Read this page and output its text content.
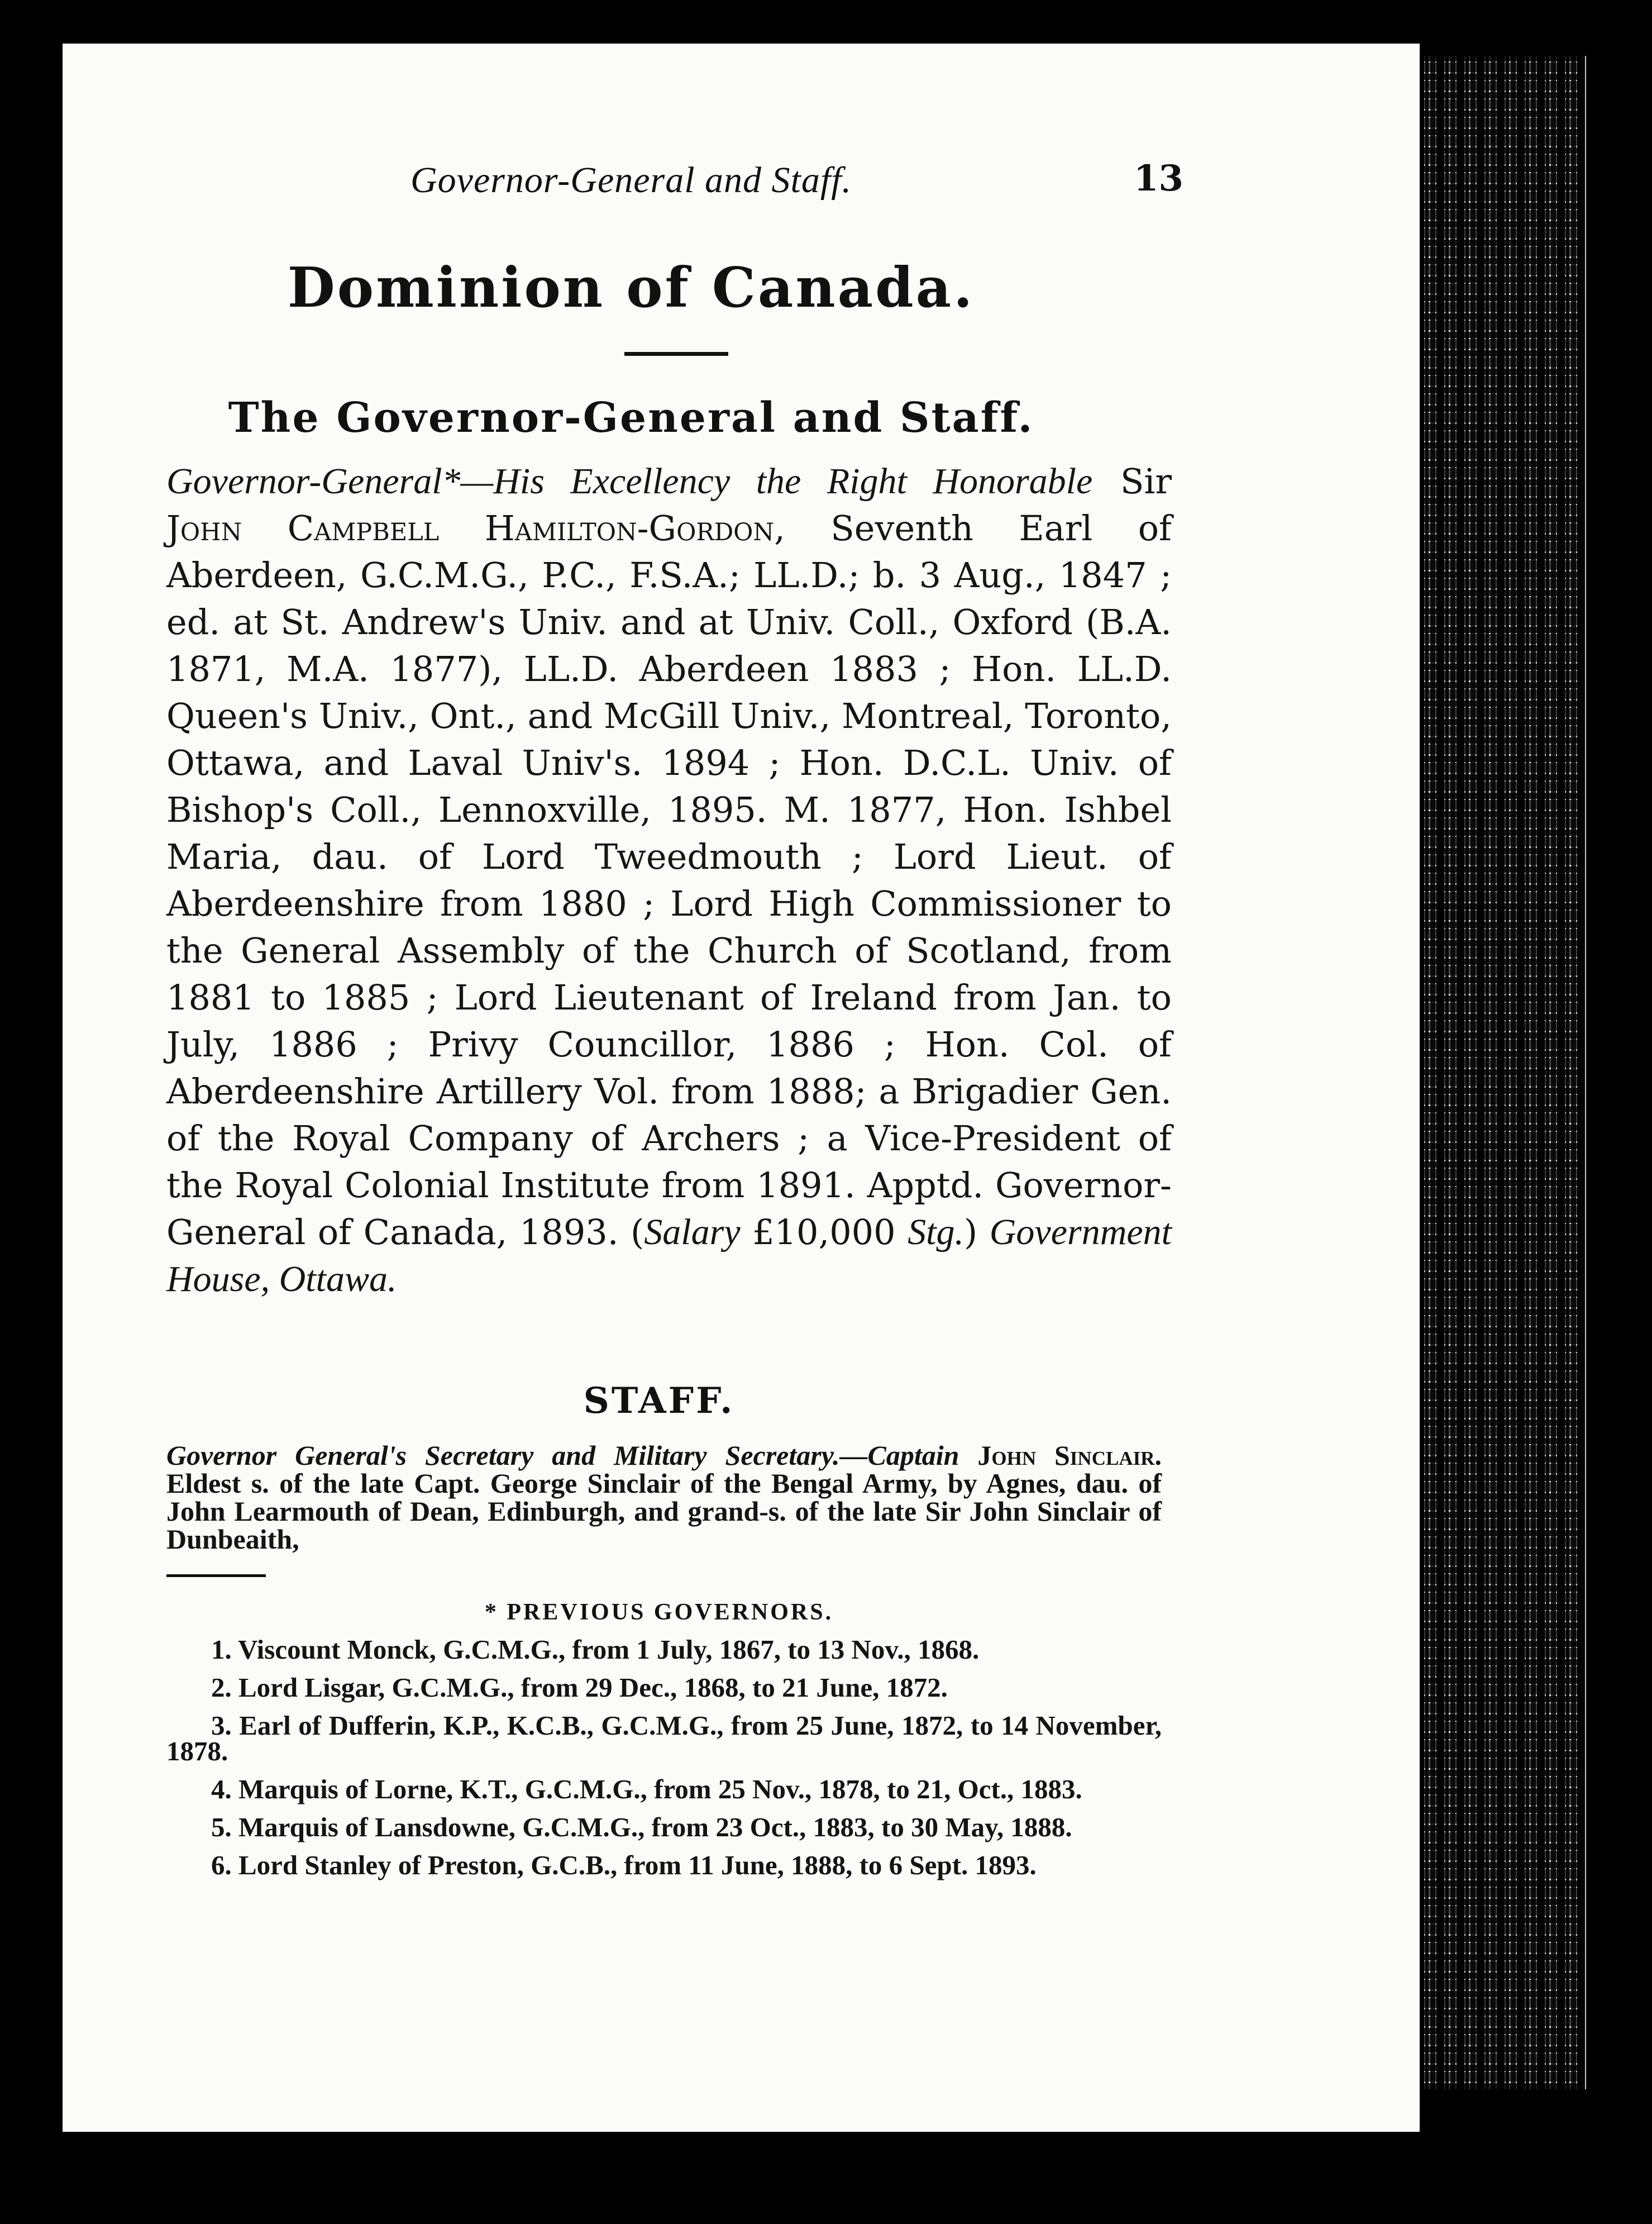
Governor-General and Staff.	13

Dominion of Canada.
The Governor-General and Staff.

Governor-General*—His Excellency the Right Honorable Sir John Campbell Hamilton-Gordon, Seventh Earl of Aberdeen, G.C.M.G., P.C., F.S.A.; LL.D.; b. 3 Aug., 1847 ; ed. at St. Andrew's Univ. and at Univ. Coll., Oxford (B.A. 1871, M.A. 1877), LL.D. Aberdeen 1883 ; Hon. LL.D. Queen's Univ., Ont., and McGill Univ., Montreal, Toronto, Ottawa, and Laval Univ's. 1894 ; Hon. D.C.L. Univ. of Bishop's Coll., Lennoxville, 1895. M. 1877, Hon. Ishbel Maria, dau. of Lord Tweedmouth ; Lord Lieut. of Aberdeenshire from 1880 ; Lord High Commissioner to the General Assembly of the Church of Scotland, from 1881 to 1885 ; Lord Lieutenant of Ireland from Jan. to July, 1886 ; Privy Councillor, 1886 ; Hon. Col. of Aberdeenshire Artillery Vol. from 1888; a Brigadier Gen. of the Royal Company of Archers ; a Vice-President of the Royal Colonial Institute from 1891. Apptd. Governor-General of Canada, 1893. (Salary £10,000 Stg.) Government House, Ottawa.

STAFF.

Governor General's Secretary and Military Secretary.—Captain John Sinclair. Eldest s. of the late Capt. George Sinclair of the Bengal Army, by Agnes, dau. of John Learmouth of Dean, Edinburgh, and grand-s. of the late Sir John Sinclair of Dunbeaith,

* PREVIOUS GOVERNORS.

1. Viscount Monck, G.C.M.G., from 1 July, 1867, to 13 Nov., 1868.
2. Lord Lisgar, G.C.M.G., from 29 Dec., 1868, to 21 June, 1872.
3. Earl of Dufferin, K.P., K.C.B., G.C.M.G., from 25 June, 1872, to 14 November, 1878.
4. Marquis of Lorne, K.T., G.C.M.G., from 25 Nov., 1878, to 21, Oct., 1883.
5. Marquis of Lansdowne, G.C.M.G., from 23 Oct., 1883, to 30 May, 1888.
6. Lord Stanley of Preston, G.C.B., from 11 June, 1888, to 6 Sept. 1893.
